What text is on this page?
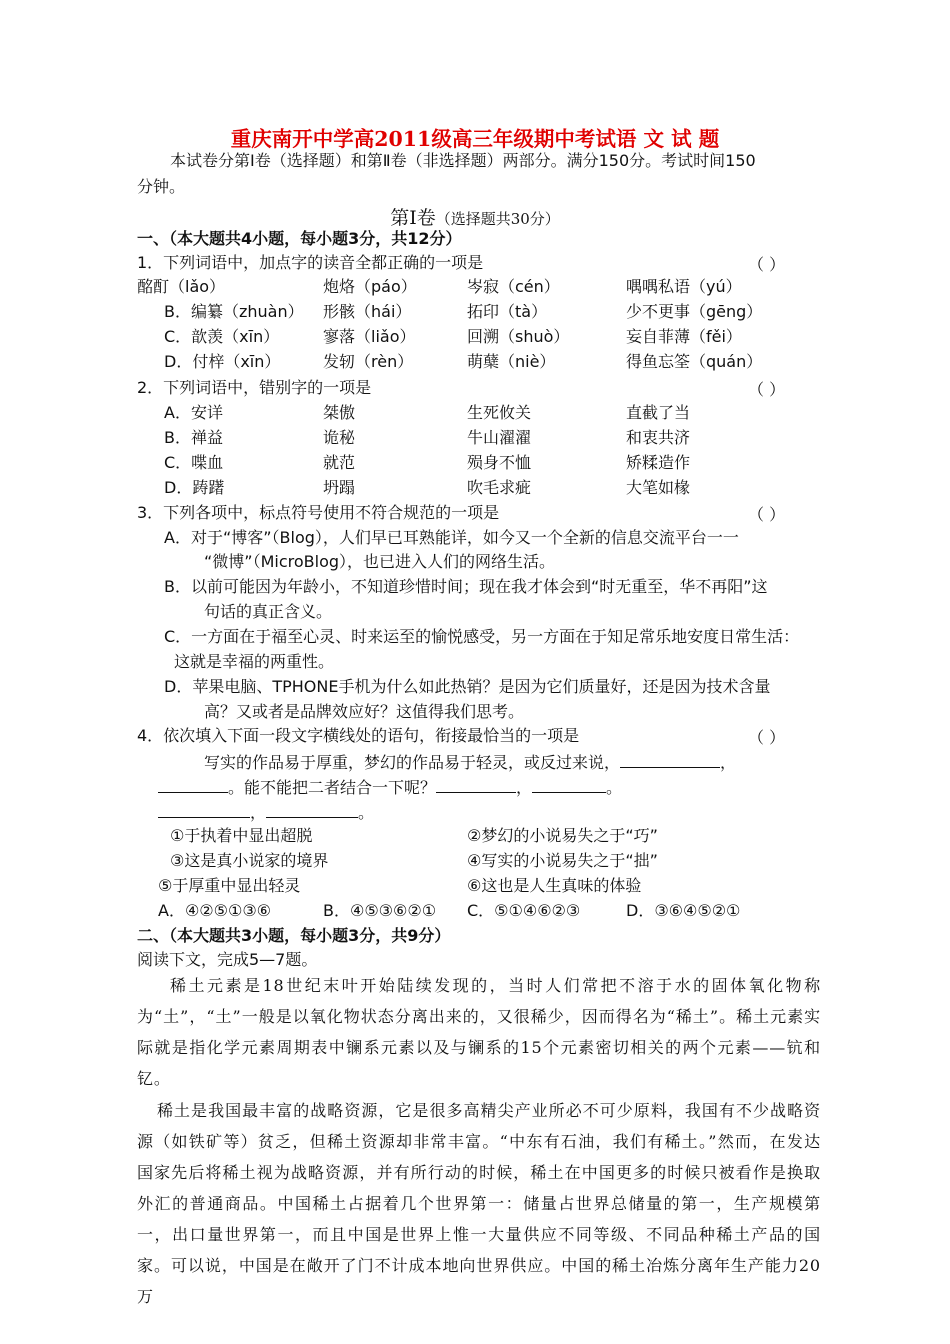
重庆南开中学高2011级高三年级期中考试语 文 试 题
本试卷分第Ⅰ卷（选择题）和第Ⅱ卷（非选择题）两部分。满分150分。考试时间150
分钟。
第Ⅰ卷（选择题共30分）
一、（本大题共4小题，每小题3分，共12分）
1．下列词语中，加点字的读音全都正确的一项是	（ ）
酩酊（lǎo）	炮烙（páo）	岑寂（cén）	喁喁私语（yú）
B．编纂（zhuàn） 形骸（hái）	拓印（tà）	少不更事（gēng）
C．歆羡（xīn）	寥落（liǎo）	回溯（shuò）	妄自菲薄（fěi）
D．付梓（xīn）	发轫（rèn）	萌蘖（niè）	得鱼忘筌（quán）
2．下列词语中，错别字的一项是	（ ）
A．安详	桀傲	生死攸关	直截了当
B．禅益	诡秘	牛山濯濯	和衷共济
C．喋血	就范	殒身不恤	矫糅造作
D．踌躇	坍蹋	吹毛求疵	大笔如椽
3．下列各项中，标点符号使用不符合规范的一项是	（ ）
A．对于“博客”（Blog），人们早已耳熟能详，如今又一个全新的信息交流平台一一
“微博”（MicroBlog），也已进入人们的网络生活。
B．以前可能因为年龄小，不知道珍惜时间；现在我才体会到“时无重至，华不再阳”这
句话的真正含义。
C．一方面在于福至心灵、时来运至的愉悦感受，另一方面在于知足常乐地安度日常生活：
这就是幸福的两重性。
D．苹果电脑、TPHONE手机为什么如此热销？是因为它们质量好，还是因为技术含量
高？又或者是品牌效应好？这值得我们思考。
4．依次填入下面一段文字横线处的语句，衔接最恰当的一项是	（ ）
写实的作品易于厚重，梦幻的作品易于轻灵，或反过来说，	，
。能不能把二者结合一下呢？	，	。
，	。
①于执着中显出超脱	②梦幻的小说易失之于“巧”
③这是真小说家的境界	④写实的小说易失之于“拙”
⑤于厚重中显出轻灵	⑥这也是人生真味的体验
A．④②⑤①③⑥	B．④⑤③⑥②① C．⑤①④⑥②③	D．③⑥④⑤②①
二、（本大题共3小题，每小题3分，共9分）
阅读下文，完成5—7题。

稀土元素是18世纪末叶开始陆续发现的，当时人们常把不溶于水的固体氧化物称为“土”，“土”一般是以氧化物状态分离出来的，又很稀少，因而得名为“稀土”。稀土元素实际就是指化学元素周期表中镧系元素以及与镧系的15个元素密切相关的两个元素——钪和钇。

稀土是我国最丰富的战略资源，它是很多高精尖产业所必不可少原料，我国有不少战略资源（如铁矿等）贫乏，但稀土资源却非常丰富。“中东有石油，我们有稀土。”然而，在发达国家先后将稀土视为战略资源，并有所行动的时候，稀土在中国更多的时候只被看作是换取外汇的普通商品。中国稀土占据着几个世界第一：储量占世界总储量的第一，生产规模第一，出口量世界第一，而且中国是世界上惟一大量供应不同等级、不同品种稀土产品的国家。可以说，中国是在敞开了门不计成本地向世界供应。中国的稀土冶炼分离年生产能力20万
